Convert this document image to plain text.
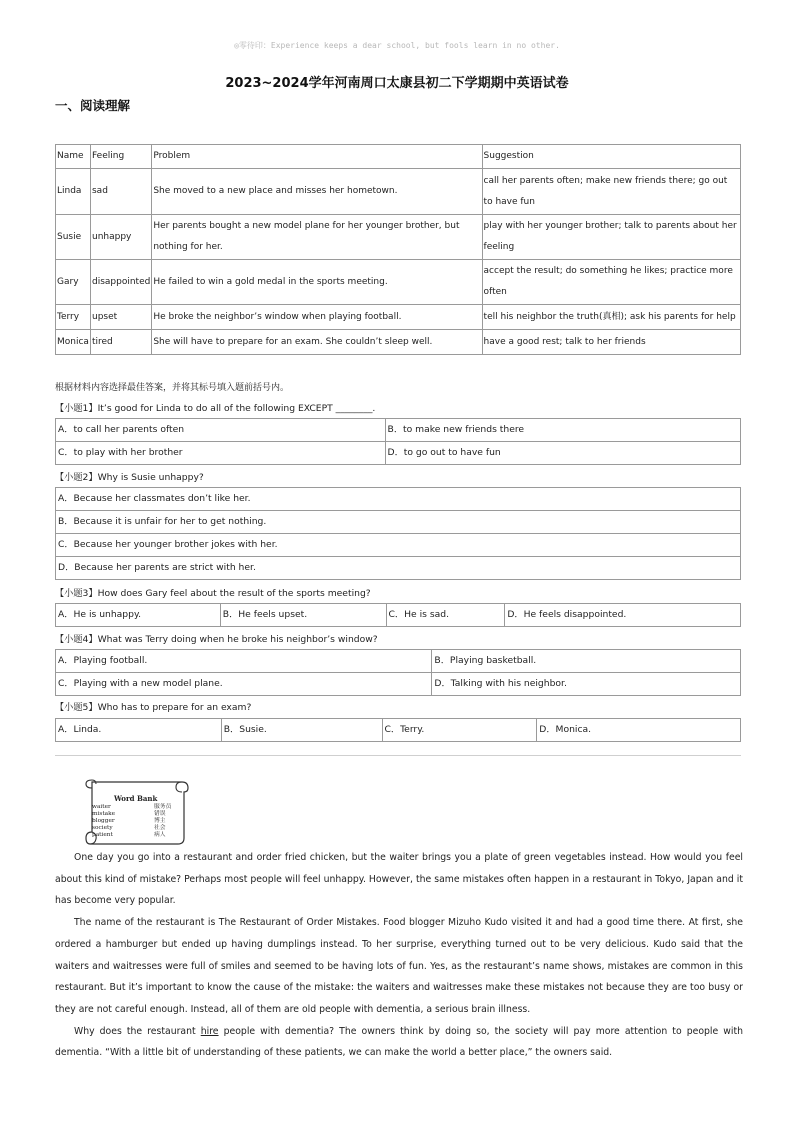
◎零待印：Experience keeps a dear school, but fools learn in no other.
2023~2024学年河南周口太康县初二下学期期中英语试卷
一、阅读理解
Name	Feeling	Problem	Suggestion
Linda	sad	She moved to a new place and misses her hometown.	call her parents often; make new friends there; go out to have fun
Susie	unhappy	Her parents bought a new model plane for her younger brother, but nothing for her.	play with her younger brother; talk to parents about her feeling
Gary	disappointed	He failed to win a gold medal in the sports meeting.	accept the result; do something he likes; practice more often
Terry	upset	He broke the neighbor’s window when playing football.	tell his neighbor the truth(真相); ask his parents for help
Monica	tired	She will have to prepare for an exam. She couldn’t sleep well.	have a good rest; talk to her friends
根据材料内容选择最佳答案，并将其标号填入题前括号内。
【小题1】It’s good for Linda to do all of the following EXCEPT ________.
A．to call her parents often	B．to make new friends there
C．to play with her brother	D．to go out to have fun
【小题2】Why is Susie unhappy?
A．Because her classmates don’t like her.
B．Because it is unfair for her to get nothing.
C．Because her younger brother jokes with her.
D．Because her parents are strict with her.
【小题3】How does Gary feel about the result of the sports meeting?
A．He is unhappy.	B．He feels upset.	C．He is sad.	D．He feels disappointed.
【小题4】What was Terry doing when he broke his neighbor’s window?
A．Playing football.	B．Playing basketball.
C．Playing with a new model plane.	D．Talking with his neighbor.
【小题5】Who has to prepare for an exam?
A．Linda.	B．Susie.	C．Terry.	D．Monica.
Word Bank
waiter	服务员
mistake	错误
blogger	博主
society	社会
patient	病人

One day you go into a restaurant and order fried chicken, but the waiter brings you a plate of green vegetables instead. How would you feel about this kind of mistake? Perhaps most people will feel unhappy. However, the same mistakes often happen in a restaurant in Tokyo, Japan and it has become very popular.

The name of the restaurant is The Restaurant of Order Mistakes. Food blogger Mizuho Kudo visited it and had a good time there. At first, she ordered a hamburger but ended up having dumplings instead. To her surprise, everything turned out to be very delicious. Kudo said that the waiters and waitresses were full of smiles and seemed to be having lots of fun. Yes, as the restaurant’s name shows, mistakes are common in this restaurant. But it’s important to know the cause of the mistake: the waiters and waitresses make these mistakes not because they are too busy or they are not careful enough. Instead, all of them are old people with dementia, a serious brain illness.

Why does the restaurant hire people with dementia? The owners think by doing so, the society will pay more attention to people with dementia. “With a little bit of understanding of these patients, we can make the world a better place,” the owners said.
